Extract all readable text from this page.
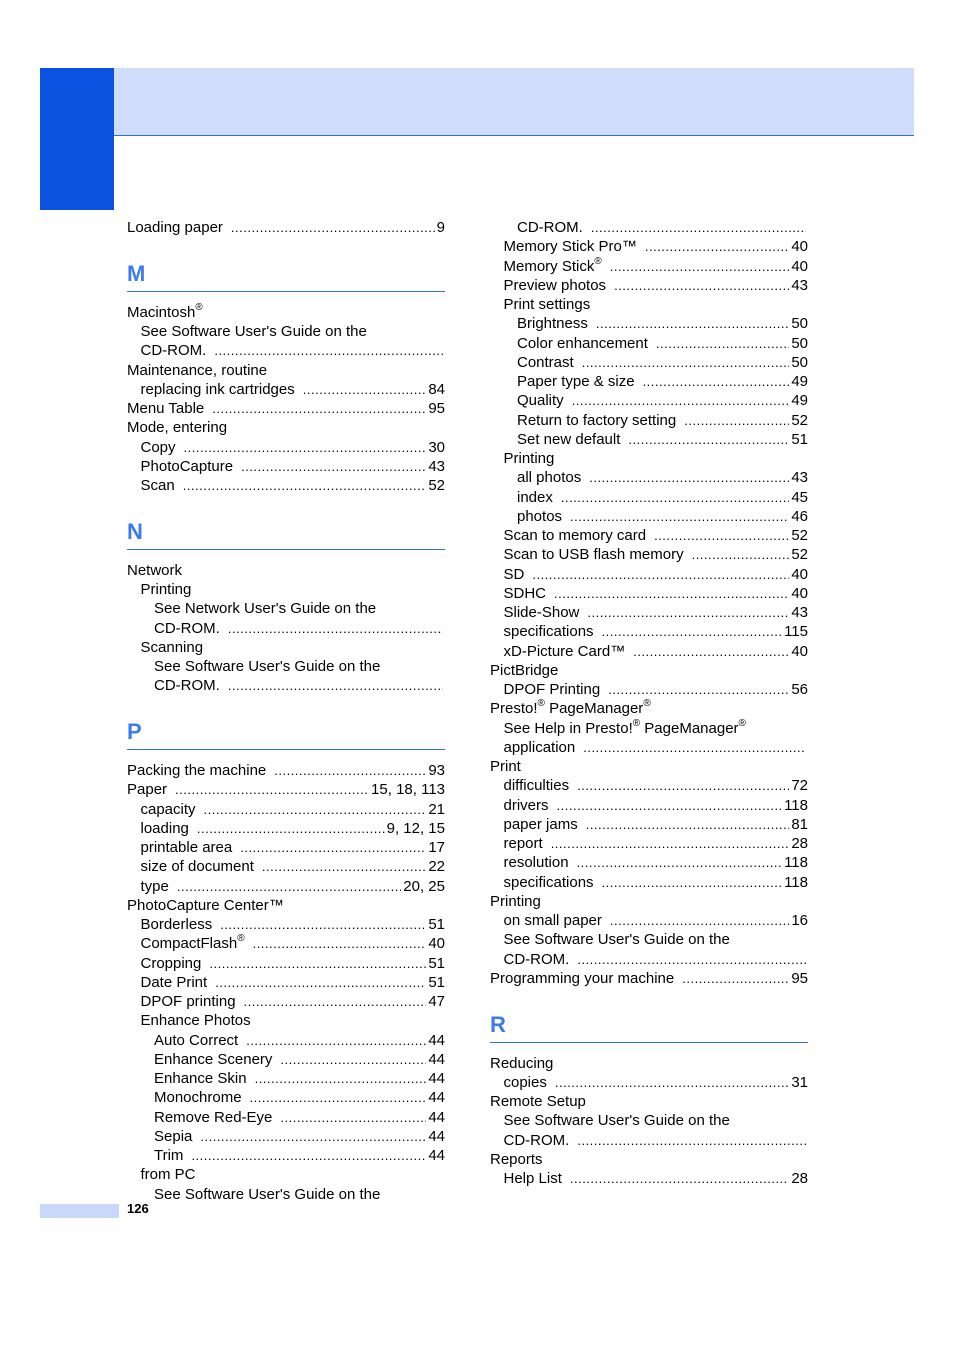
Loading paper .....	9
M
Macintosh®
See Software User's Guide on the
CD-ROM.
.....
Maintenance, routine
replacing ink cartridges .....	84
Menu Table .....	95
Mode, entering
Copy .....	30
PhotoCapture .....	43
Scan .....	52
N
Network
Printing
See Network User's Guide on the
CD-ROM.
.....
Scanning
See Software User's Guide on the
CD-ROM.
.....
P
Packing the machine .....	93
Paper .....	15, 18, 113
capacity .....	21
loading .....	9, 12, 15
printable area .....	17
size of document .....	22
type .....	20, 25
PhotoCapture Center™
Borderless .....	51
CompactFlash® .....	40
Cropping .....	51
Date Print .....	51
DPOF printing .....	47
Enhance Photos
Auto Correct .....	44
Enhance Scenery .....	44
Enhance Skin .....	44
Monochrome .....	44
Remove Red-Eye .....	44
Sepia .....	44
Trim .....	44
from PC
See Software User's Guide on the
CD-ROM.
.....
Memory Stick Pro™ .....	40
Memory Stick® .....	40
Preview photos .....	43
Print settings
Brightness .....	50
Color enhancement .....	50
Contrast .....	50
Paper type & size .....	49
Quality .....	49
Return to factory setting .....	52
Set new default .....	51
Printing
all photos .....	43
index .....	45
photos .....	46
Scan to memory card .....	52
Scan to USB flash memory .....	52
SD .....	40
SDHC .....	40
Slide-Show .....	43
specifications .....	115
xD-Picture Card™ .....	40
PictBridge
DPOF Printing .....	56
Presto!® PageManager®
See Help in Presto!® PageManager®
application
.....
Print
difficulties .....	72
drivers .....	118
paper jams .....	81
report .....	28
resolution .....	118
specifications .....	118
Printing
on small paper .....	16
See Software User's Guide on the
CD-ROM.
.....
Programming your machine .....	95
R
Reducing
copies .....	31
Remote Setup
See Software User's Guide on the
CD-ROM.
.....
Reports
Help List .....	28
126
